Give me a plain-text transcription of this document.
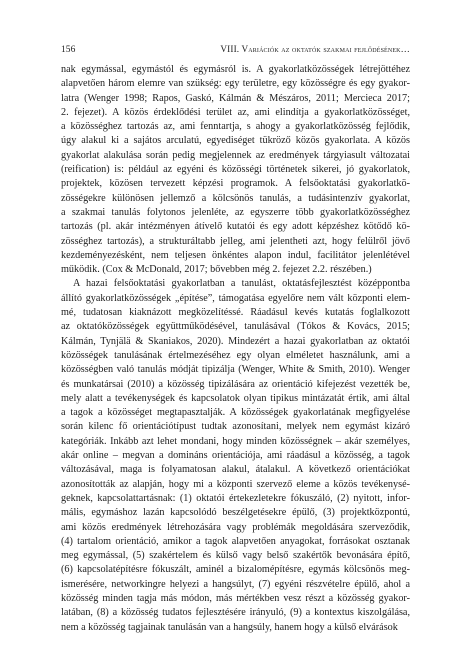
156	VIII. Variációk az oktatók szakmai fejlődésének…

nak egymással, egymástól és egymásról is. A gyakorlatközösségek létrejöttéhez
alapvetően három elemre van szükség: egy területre, egy közösségre és egy gyakor-
latra (Wenger 1998; Rapos, Gaskó, Kálmán & Mészáros, 2011; Mercieca 2017;
2. fejezet). A közös érdeklődési terület az, ami elindítja a gyakorlatközösséget,
a közösséghez tartozás az, ami fenntartja, s ahogy a gyakorlatközösség fejlődik,
úgy alakul ki a sajátos arculatú, egyediséget tükröző közös gyakorlata. A közös
gyakorlat alakulása során pedig megjelennek az eredmények tárgyiasult változatai
(reification) is: például az egyéni és közösségi történetek sikerei, jó gyakorlatok,
projektek, közösen tervezett képzési programok. A felsőoktatási gyakorlatkö-
zösségekre különösen jellemző a kölcsönös tanulás, a tudásintenzív gyakorlat,
a szakmai tanulás folytonos jelenléte, az egyszerre több gyakorlatközösséghez
tartozás (pl. akár intézményen átívelő kutatói és egy adott képzéshez kötődő kö-
zösséghez tartozás), a strukturáltabb jelleg, ami jelentheti azt, hogy felülről jövő
kezdeményezésként, nem teljesen önkéntes alapon indul, facilitátor jelenlétével
működik. (Cox & McDonald, 2017; bővebben még 2. fejezet 2.2. részében.)

A hazai felsőoktatási gyakorlatban a tanulást, oktatásfejlesztést középpontba
állító gyakorlatközösségek „építése”, támogatása egyelőre nem vált központi elem-
mé, tudatosan kiaknázott megközelítéssé. Ráadásul kevés kutatás foglalkozott
az oktatóközösségek együttműködésével, tanulásával (Tókos & Kovács, 2015;
Kálmán, Tynjälä & Skaniakos, 2020). Mindezért a hazai gyakorlatban az oktatói
közösségek tanulásának értelmezéséhez egy olyan elméletet használunk, ami a
közösségben való tanulás módját tipizálja (Wenger, White & Smith, 2010). Wenger
és munkatársai (2010) a közösség tipizálására az orientáció kifejezést vezették be,
mely alatt a tevékenységek és kapcsolatok olyan tipikus mintázatát értik, ami által
a tagok a közösséget megtapasztalják. A közösségek gyakorlatának megfigyelése
során kilenc fő orientációtípust tudtak azonosítani, melyek nem egymást kizáró
kategóriák. Inkább azt lehet mondani, hogy minden közösségnek – akár személyes,
akár online – megvan a domináns orientációja, ami ráadásul a közösség, a tagok
változásával, maga is folyamatosan alakul, átalakul. A következő orientációkat
azonosították az alapján, hogy mi a központi szervező eleme a közös tevékenysé-
geknek, kapcsolattartásnak: (1) oktatói értekezletekre fókuszáló, (2) nyitott, infor-
mális, egymáshoz lazán kapcsolódó beszélgetésekre épülő, (3) projektközpontú,
ami közös eredmények létrehozására vagy problémák megoldására szerveződik,
(4) tartalom orientáció, amikor a tagok alapvetően anyagokat, forrásokat osztanak
meg egymással, (5) szakértelem és külső vagy belső szakértők bevonására építő,
(6) kapcsolatépítésre fókuszált, aminél a bizalomépítésre, egymás kölcsönös meg-
ismerésére, networkingre helyezi a hangsúlyt, (7) egyéni részvételre épülő, ahol a
közösség minden tagja más módon, más mértékben vesz részt a közösség gyakor-
latában, (8) a közösség tudatos fejlesztésére irányuló, (9) a kontextus kiszolgálása,
nem a közösség tagjainak tanulásán van a hangsúly, hanem hogy a külső elvárások
